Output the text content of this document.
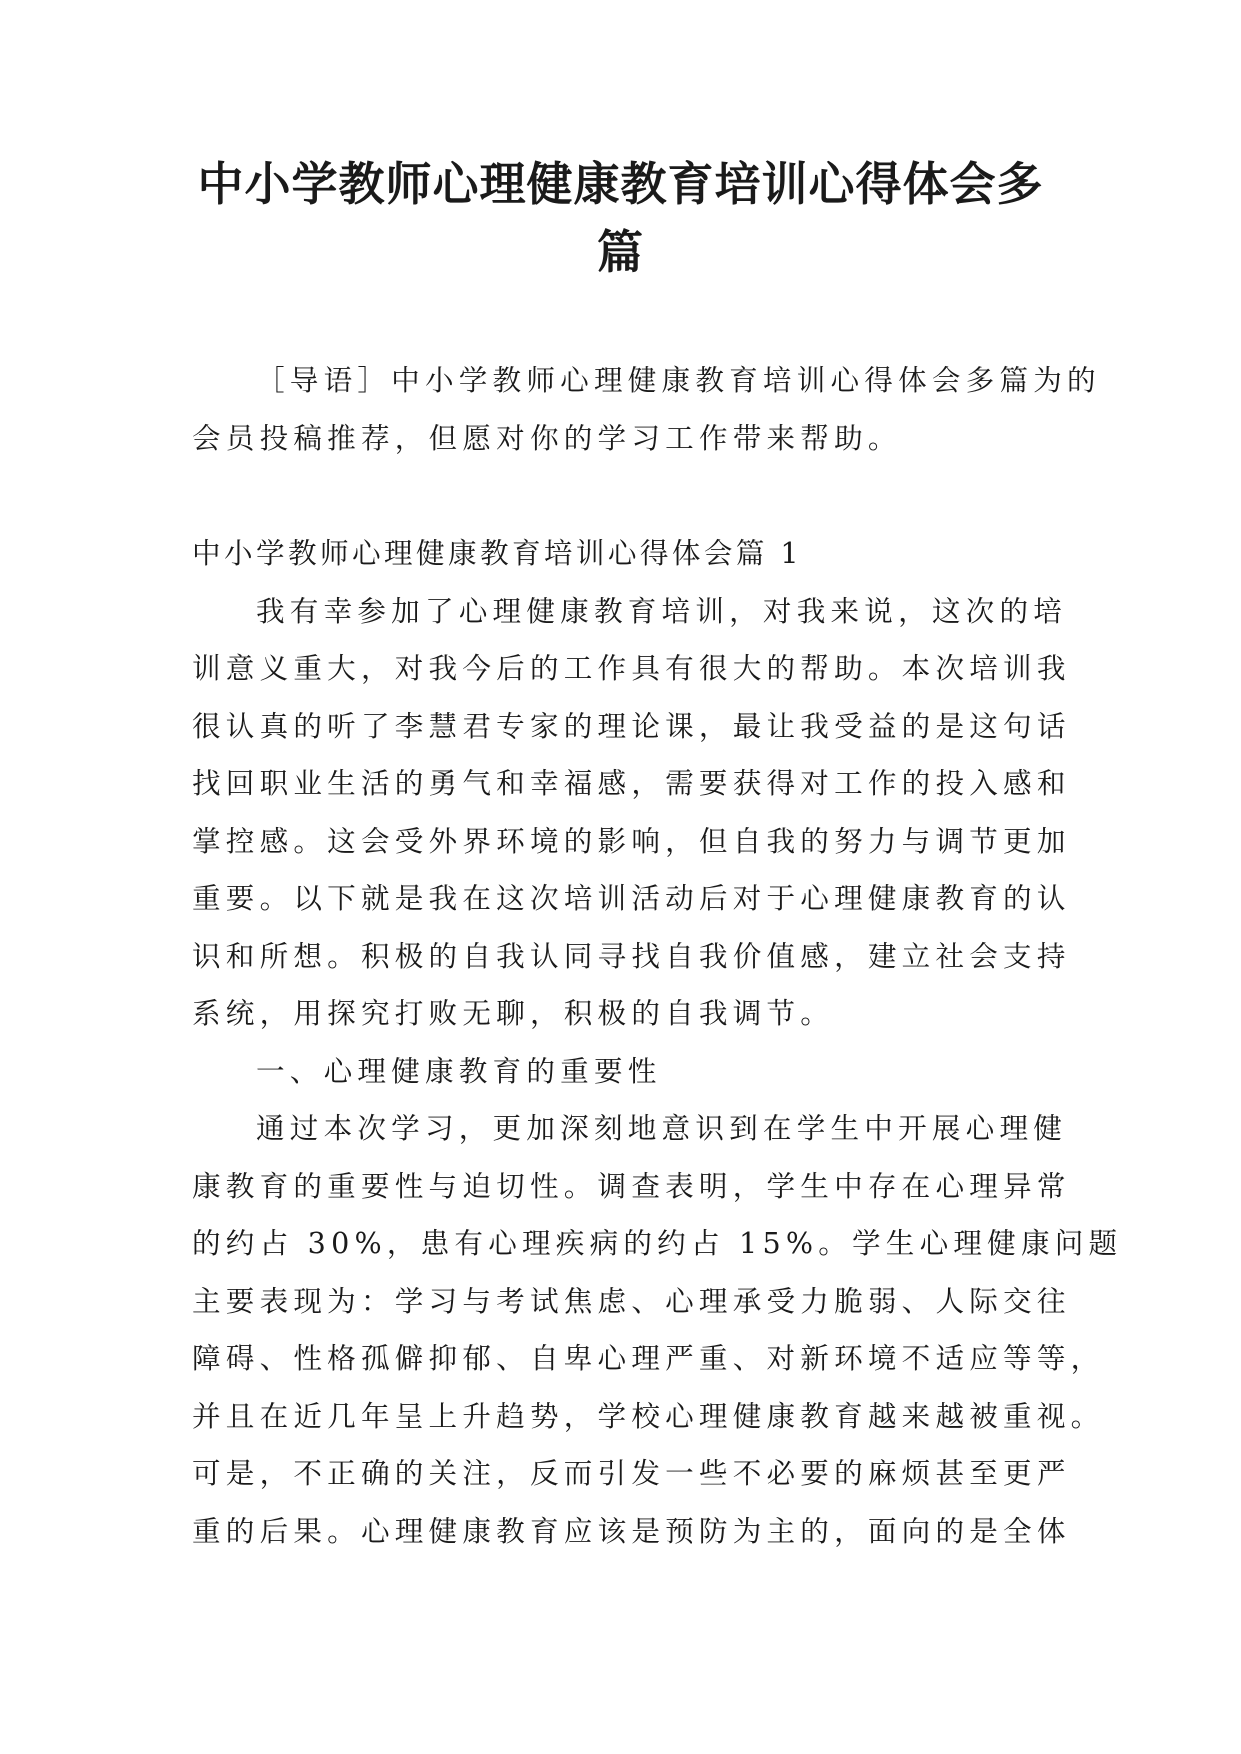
中小学教师心理健康教育培训心得体会多
篇
［导语］中小学教师心理健康教育培训心得体会多篇为的
会员投稿推荐，但愿对你的学习工作带来帮助。
中小学教师心理健康教育培训心得体会篇 1
我有幸参加了心理健康教育培训，对我来说，这次的培
训意义重大，对我今后的工作具有很大的帮助。本次培训我
很认真的听了李慧君专家的理论课，最让我受益的是这句话
找回职业生活的勇气和幸福感，需要获得对工作的投入感和
掌控感。这会受外界环境的影响，但自我的努力与调节更加
重要。以下就是我在这次培训活动后对于心理健康教育的认
识和所想。积极的自我认同寻找自我价值感，建立社会支持
系统，用探究打败无聊，积极的自我调节。
一、心理健康教育的重要性
通过本次学习，更加深刻地意识到在学生中开展心理健
康教育的重要性与迫切性。调查表明，学生中存在心理异常
的约占 30%，患有心理疾病的约占 15%。学生心理健康问题
主要表现为：学习与考试焦虑、心理承受力脆弱、人际交往
障碍、性格孤僻抑郁、自卑心理严重、对新环境不适应等等，
并且在近几年呈上升趋势，学校心理健康教育越来越被重视。
可是，不正确的关注，反而引发一些不必要的麻烦甚至更严
重的后果。心理健康教育应该是预防为主的，面向的是全体
